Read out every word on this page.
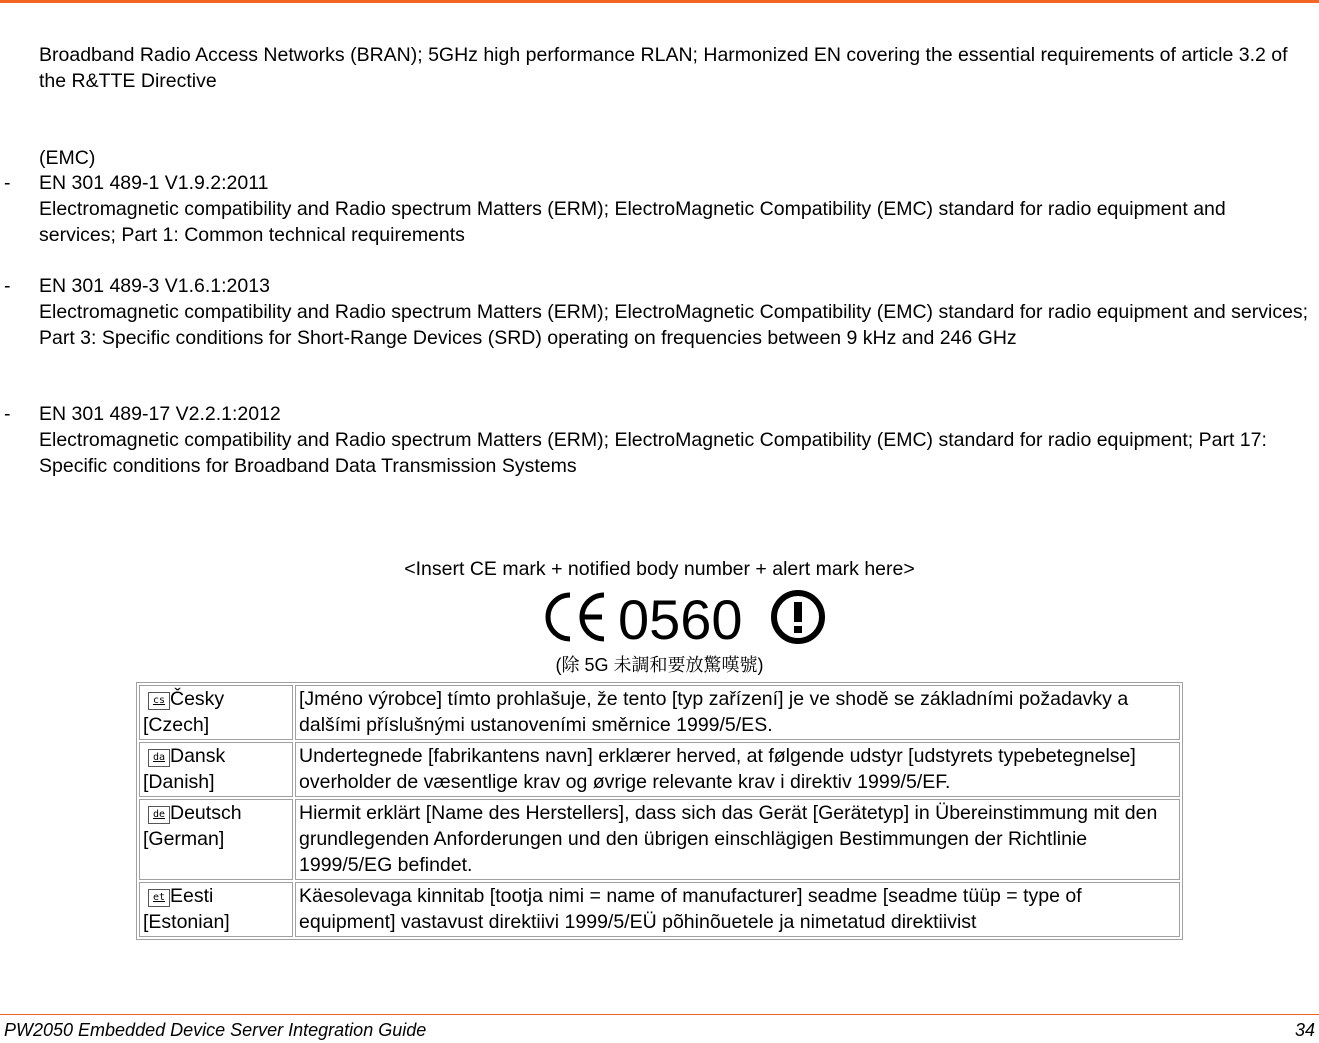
Broadband Radio Access Networks (BRAN); 5GHz high performance RLAN; Harmonized EN covering the essential requirements of article 3.2 of the R&TTE Directive
(EMC)
- EN 301 489-1 V1.9.2:2011
Electromagnetic compatibility and Radio spectrum Matters (ERM); ElectroMagnetic Compatibility (EMC) standard for radio equipment and services; Part 1: Common technical requirements
- EN 301 489-3 V1.6.1:2013
Electromagnetic compatibility and Radio spectrum Matters (ERM); ElectroMagnetic Compatibility (EMC) standard for radio equipment and services; Part 3: Specific conditions for Short-Range Devices (SRD) operating on frequencies between 9 kHz and 246 GHz
- EN 301 489-17 V2.2.1:2012
Electromagnetic compatibility and Radio spectrum Matters (ERM); ElectroMagnetic Compatibility (EMC) standard for radio equipment; Part 17: Specific conditions for Broadband Data Transmission Systems
<Insert CE mark + notified body number + alert mark here>
0560
(除 5G 未調和要放驚嘆號)
cs Česky
[Czech]	[Jméno výrobce] tímto prohlašuje, že tento [typ zařízení] je ve shodě se základními požadavky a dalšími příslušnými ustanoveními směrnice 1999/5/ES.
da Dansk
[Danish]	Undertegnede [fabrikantens navn] erklærer herved, at følgende udstyr [udstyrets typebetegnelse] overholder de væsentlige krav og øvrige relevante krav i direktiv 1999/5/EF.
de Deutsch
[German]	Hiermit erklärt [Name des Herstellers], dass sich das Gerät [Gerätetyp] in Übereinstimmung mit den grundlegenden Anforderungen und den übrigen einschlägigen Bestimmungen der Richtlinie 1999/5/EG befindet.
et Eesti
[Estonian]	Käesolevaga kinnitab [tootja nimi = name of manufacturer] seadme [seadme tüüp = type of equipment] vastavust direktiivi 1999/5/EÜ põhinõuetele ja nimetatud direktiivist
PW2050 Embedded Device Server Integration Guide	34
